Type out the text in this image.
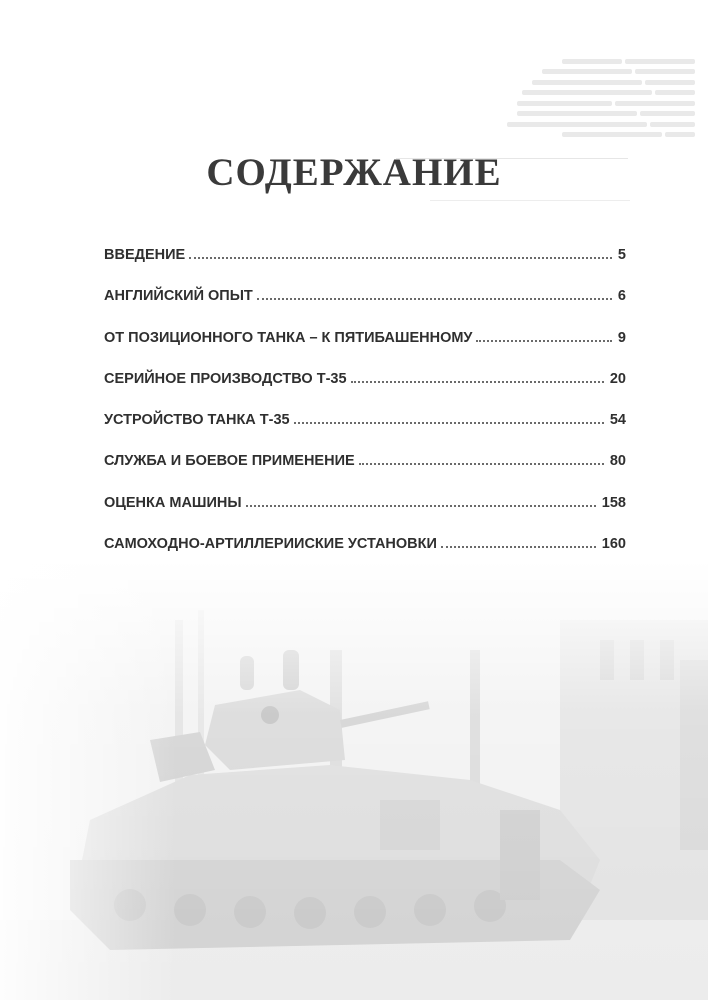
СОДЕРЖАНИЕ
ВВЕДЕНИЕ	5
АНГЛИЙСКИЙ ОПЫТ	6
ОТ ПОЗИЦИОННОГО ТАНКА – К ПЯТИБАШЕННОМУ	9
СЕРИЙНОЕ ПРОИЗВОДСТВО Т-35	20
УСТРОЙСТВО ТАНКА Т-35	54
СЛУЖБА И БОЕВОЕ ПРИМЕНЕНИЕ	80
ОЦЕНКА МАШИНЫ	158
САМОХОДНО-АРТИЛЛЕРИИСКИЕ УСТАНОВКИ	160
